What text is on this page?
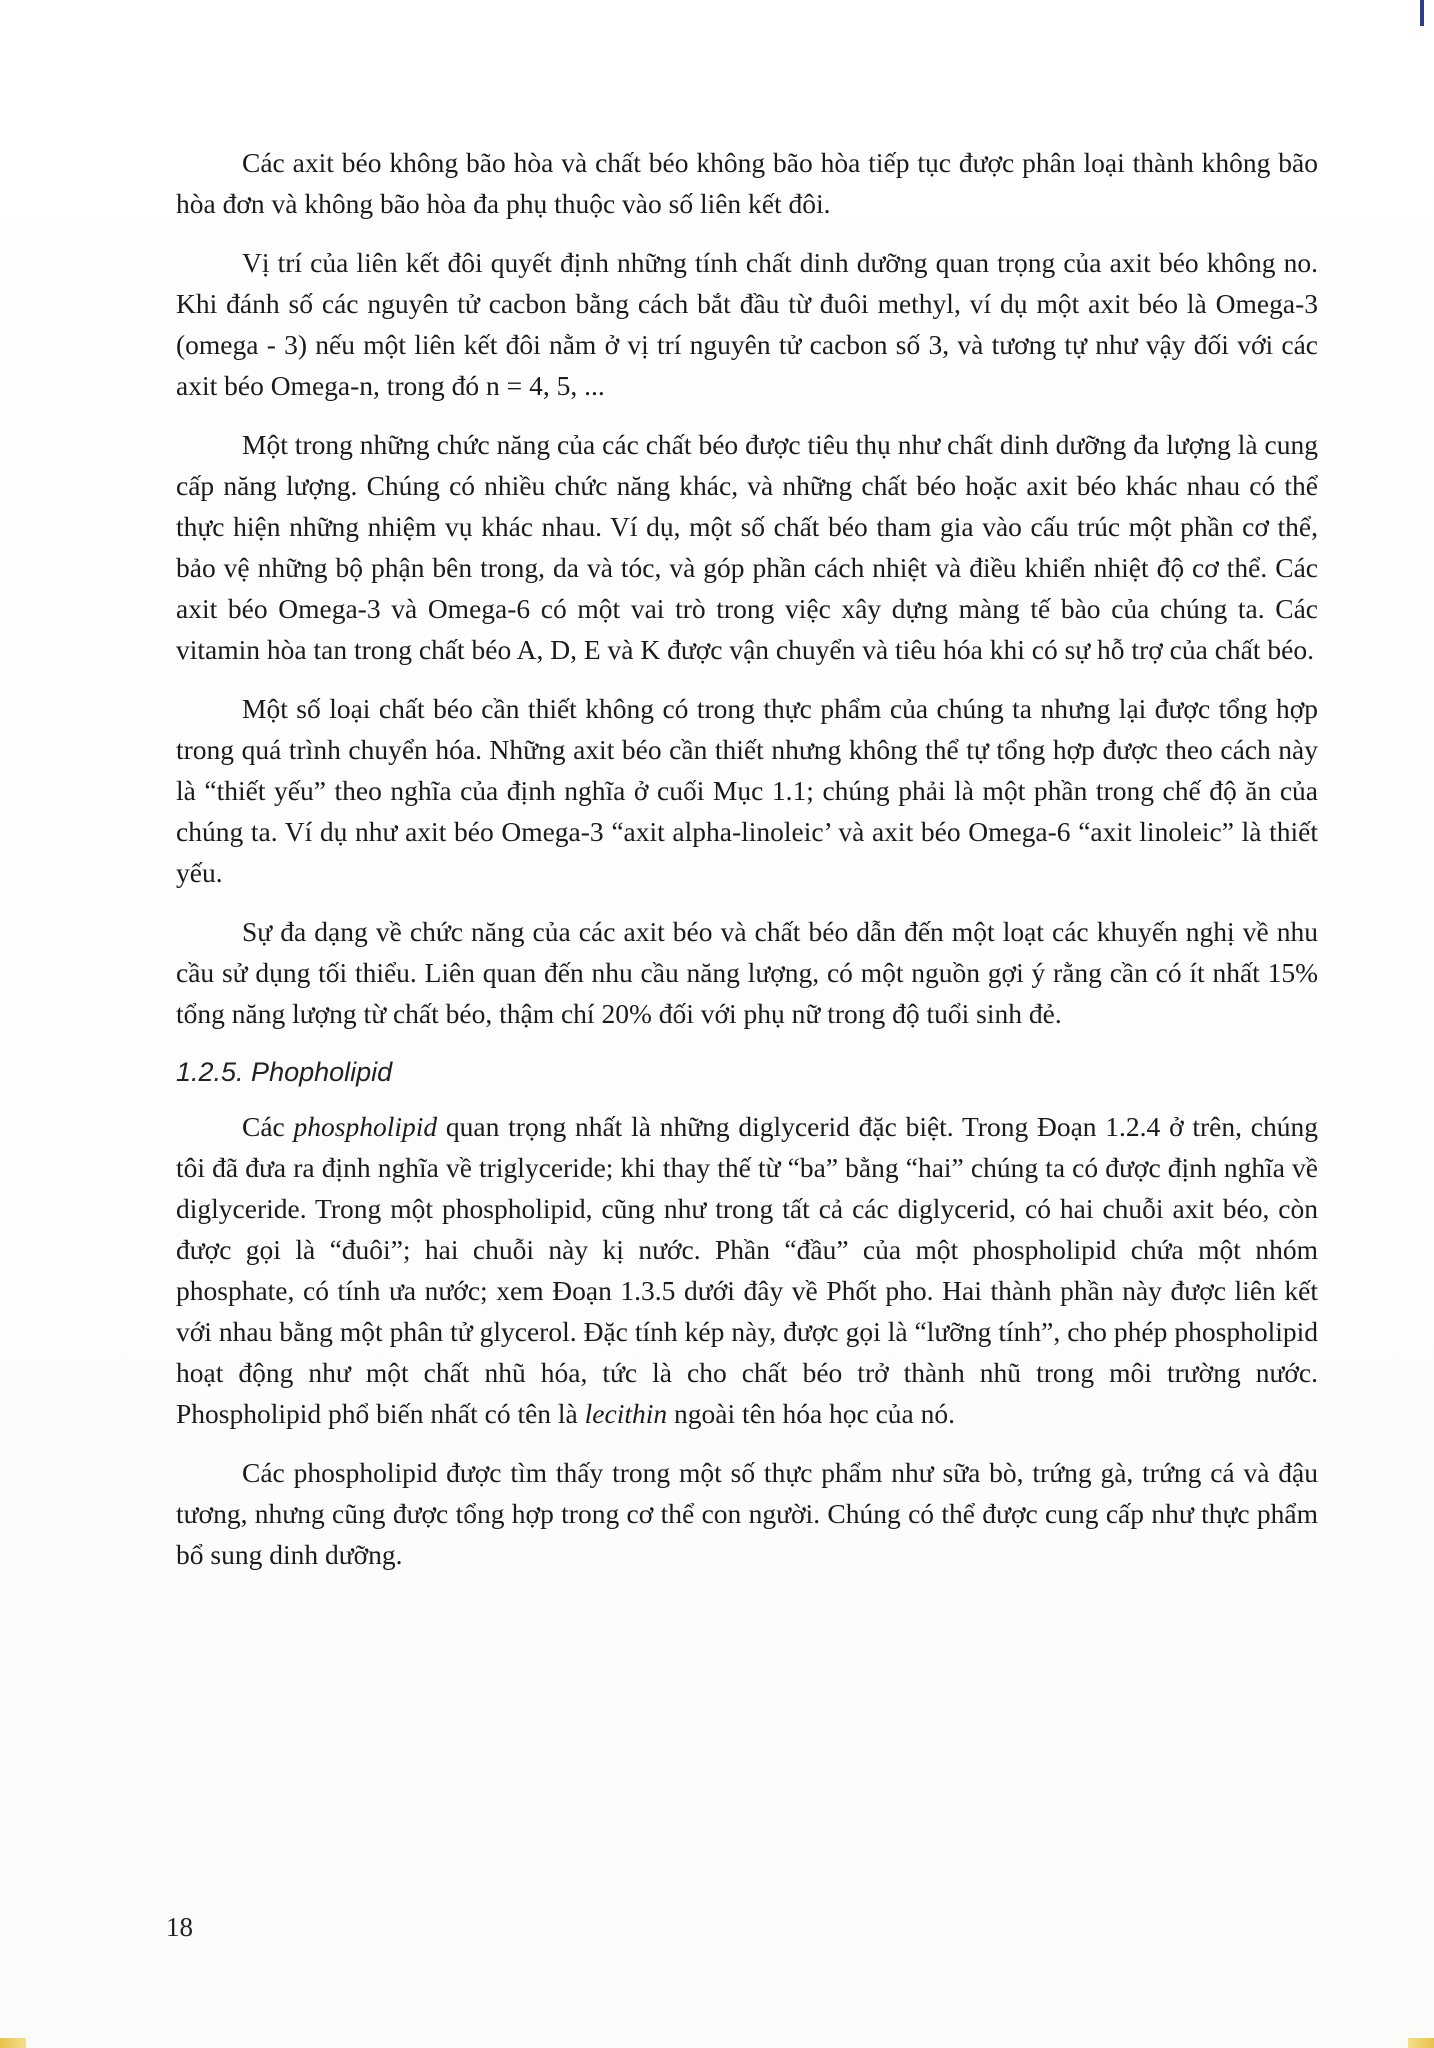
Các axit béo không bão hòa và chất béo không bão hòa tiếp tục được phân loại thành không bão hòa đơn và không bão hòa đa phụ thuộc vào số liên kết đôi.

Vị trí của liên kết đôi quyết định những tính chất dinh dưỡng quan trọng của axit béo không no. Khi đánh số các nguyên tử cacbon bằng cách bắt đầu từ đuôi methyl, ví dụ một axit béo là Omega-3 (omega - 3) nếu một liên kết đôi nằm ở vị trí nguyên tử cacbon số 3, và tương tự như vậy đối với các axit béo Omega-n, trong đó n = 4, 5, ...

Một trong những chức năng của các chất béo được tiêu thụ như chất dinh dưỡng đa lượng là cung cấp năng lượng. Chúng có nhiều chức năng khác, và những chất béo hoặc axit béo khác nhau có thể thực hiện những nhiệm vụ khác nhau. Ví dụ, một số chất béo tham gia vào cấu trúc một phần cơ thể, bảo vệ những bộ phận bên trong, da và tóc, và góp phần cách nhiệt và điều khiển nhiệt độ cơ thể. Các axit béo Omega-3 và Omega-6 có một vai trò trong việc xây dựng màng tế bào của chúng ta. Các vitamin hòa tan trong chất béo A, D, E và K được vận chuyển và tiêu hóa khi có sự hỗ trợ của chất béo.

Một số loại chất béo cần thiết không có trong thực phẩm của chúng ta nhưng lại được tổng hợp trong quá trình chuyển hóa. Những axit béo cần thiết nhưng không thể tự tổng hợp được theo cách này là “thiết yếu” theo nghĩa của định nghĩa ở cuối Mục 1.1; chúng phải là một phần trong chế độ ăn của chúng ta. Ví dụ như axit béo Omega-3 “axit alpha-linoleic’ và axit béo Omega-6 “axit linoleic” là thiết yếu.

Sự đa dạng về chức năng của các axit béo và chất béo dẫn đến một loạt các khuyến nghị về nhu cầu sử dụng tối thiểu. Liên quan đến nhu cầu năng lượng, có một nguồn gợi ý rằng cần có ít nhất 15% tổng năng lượng từ chất béo, thậm chí 20% đối với phụ nữ trong độ tuổi sinh đẻ.

1.2.5. Phopholipid

Các phospholipid quan trọng nhất là những diglycerid đặc biệt. Trong Đoạn 1.2.4 ở trên, chúng tôi đã đưa ra định nghĩa về triglyceride; khi thay thế từ “ba” bằng “hai” chúng ta có được định nghĩa về diglyceride. Trong một phospholipid, cũng như trong tất cả các diglycerid, có hai chuỗi axit béo, còn được gọi là “đuôi”; hai chuỗi này kị nước. Phần “đầu” của một phospholipid chứa một nhóm phosphate, có tính ưa nước; xem Đoạn 1.3.5 dưới đây về Phốt pho. Hai thành phần này được liên kết với nhau bằng một phân tử glycerol. Đặc tính kép này, được gọi là “lưỡng tính”, cho phép phospholipid hoạt động như một chất nhũ hóa, tức là cho chất béo trở thành nhũ trong môi trường nước. Phospholipid phổ biến nhất có tên là lecithin ngoài tên hóa học của nó.

Các phospholipid được tìm thấy trong một số thực phẩm như sữa bò, trứng gà, trứng cá và đậu tương, nhưng cũng được tổng hợp trong cơ thể con người. Chúng có thể được cung cấp như thực phẩm bổ sung dinh dưỡng.

18
